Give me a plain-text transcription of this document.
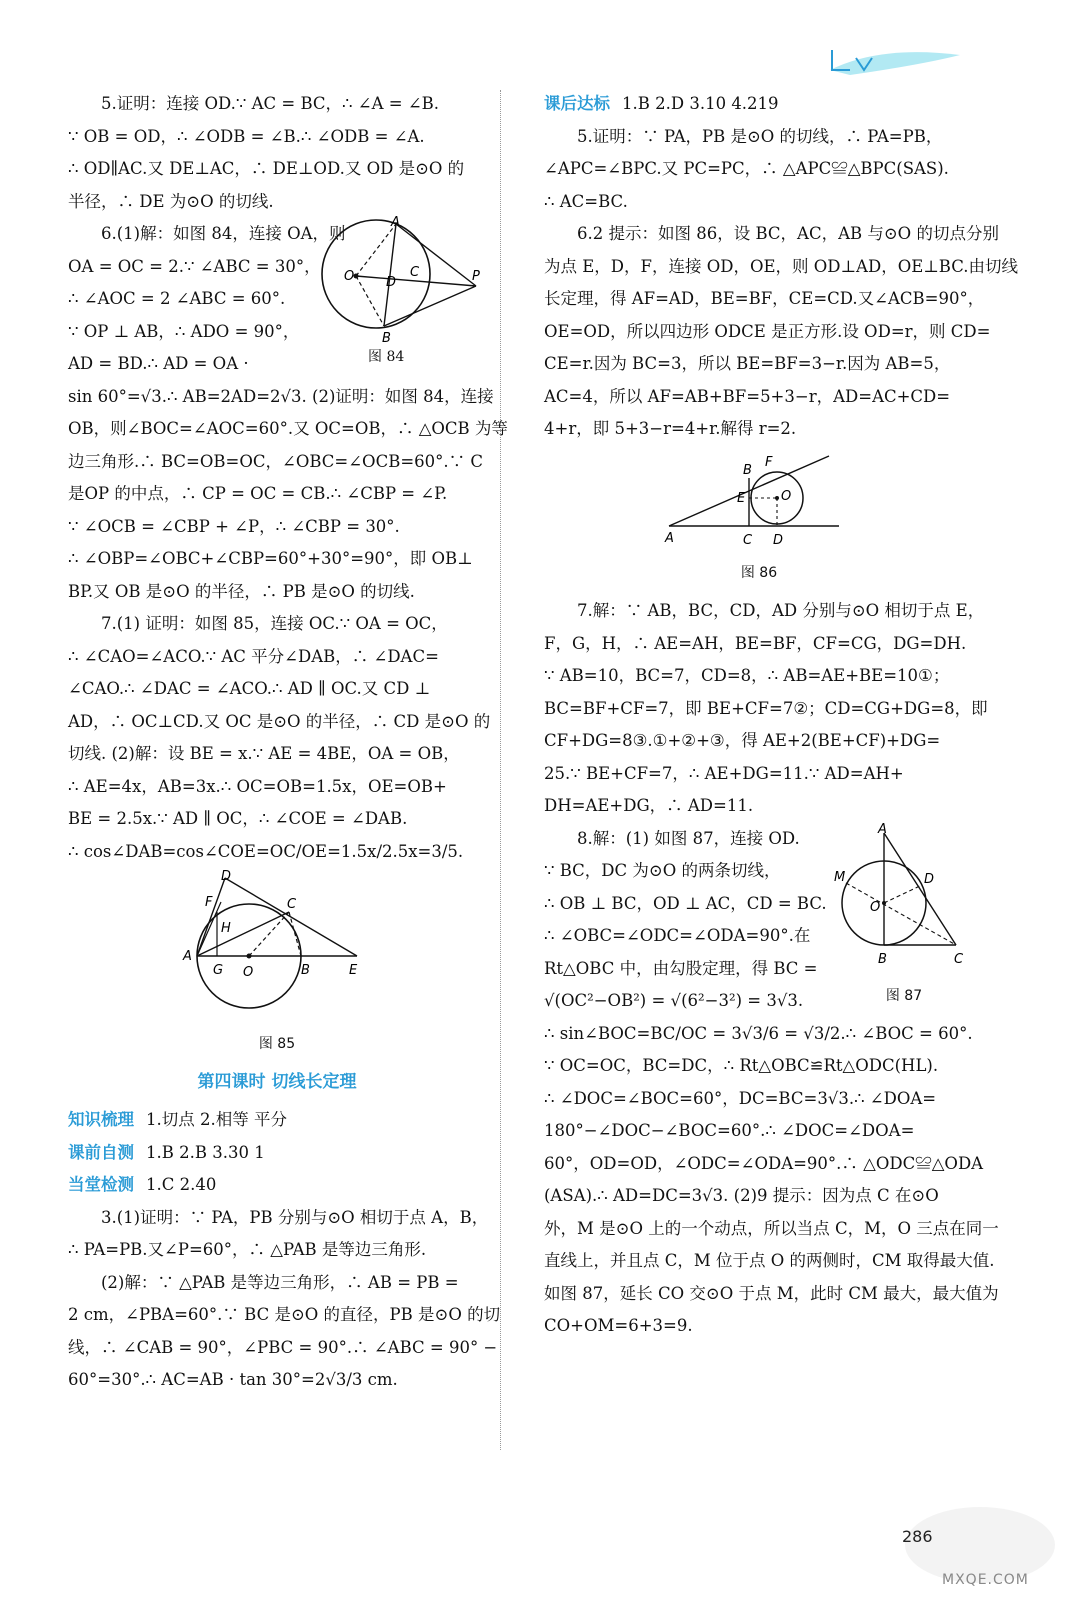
5.证明：连接 OD.∵ AC = BC，∴ ∠A = ∠B.
∵ OB = OD，∴ ∠ODB = ∠B.∴ ∠ODB = ∠A.
∴ OD∥AC.又 DE⊥AC，∴ DE⊥OD.又 OD 是⊙O 的
半径，∴ DE 为⊙O 的切线.
A
O	C
D	P
B
6.(1)解：如图 84，连接 OA，则
OA = OC = 2.∵ ∠ABC = 30°，
∴ ∠AOC = 2 ∠ABC = 60°.
∵ OP ⊥ AB，∴ ADO = 90°，
AD = BD.∴ AD = OA ·	图 84
sin 60°=√3.∴ AB=2AD=2√3. (2)证明：如图 84，连接
OB，则∠BOC=∠AOC=60°.又 OC=OB，∴ △OCB 为等
边三角形.∴ BC=OB=OC，∠OBC=∠OCB=60°.∵ C
是OP 的中点，∴ CP = OC = CB.∴ ∠CBP = ∠P.
∵ ∠OCB = ∠CBP + ∠P，∴ ∠CBP = 30°.
∴ ∠OBP=∠OBC+∠CBP=60°+30°=90°，即 OB⊥
BP.又 OB 是⊙O 的半径，∴ PB 是⊙O 的切线.
7.(1) 证明：如图 85，连接 OC.∵ OA = OC，
∴ ∠CAO=∠ACO.∵ AC 平分∠DAB，∴ ∠DAC=
∠CAO.∴ ∠DAC = ∠ACO.∴ AD ∥ OC.又 CD ⊥
AD，∴ OC⊥CD.又 OC 是⊙O 的半径，∴ CD 是⊙O 的
切线. (2)解：设 BE = x.∵ AE = 4BE，OA = OB，
∴ AE=4x，AB=3x.∴ OC=OB=1.5x，OE=OB+
BE = 2.5x.∵ AD ∥ OC，∴ ∠COE = ∠DAB.
∴ cos∠DAB=cos∠COE=OC/OE=1.5x/2.5x=3/5.
D
F
H
C
A
G O	B	E
图 85
第四课时 切线长定理
知识梳理 1.切点 2.相等 平分
课前自测 1.B 2.B 3.30 1
当堂检测 1.C 2.40
3.(1)证明：∵ PA，PB 分别与⊙O 相切于点 A，B，
∴ PA=PB.又∠P=60°，∴ △PAB 是等边三角形.
(2)解：∵ △PAB 是等边三角形，∴ AB = PB =
2 cm，∠PBA=60°.∵ BC 是⊙O 的直径，PB 是⊙O 的切
线，∴ ∠CAB = 90°，∠PBC = 90°.∴ ∠ABC = 90° −
60°=30°.∴ AC=AB · tan 30°=2√3/3 cm.
课后达标 1.B 2.D 3.10 4.219
5.证明：∵ PA，PB 是⊙O 的切线，∴ PA=PB，
∠APC=∠BPC.又 PC=PC，∴ △APC≌△BPC(SAS).
∴ AC=BC.
6.2 提示：如图 86，设 BC，AC，AB 与⊙O 的切点分别
为点 E，D，F，连接 OD，OE，则 OD⊥AD，OE⊥BC.由切线
长定理，得 AF=AD，BE=BF，CE=CD.又∠ACB=90°，
OE=OD，所以四边形 ODCE 是正方形.设 OD=r，则 CD=
CE=r.因为 BC=3，所以 BE=BF=3−r.因为 AB=5，
AC=4，所以 AF=AB+BF=5+3−r，AD=AC+CD=
4+r，即 5+3−r=4+r.解得 r=2.
B
F
E	O
A	C D
图 86
7.解：∵ AB，BC，CD，AD 分别与⊙O 相切于点 E，
F，G，H，∴ AE=AH，BE=BF，CF=CG，DG=DH.
∵ AB=10，BC=7，CD=8，∴ AB=AE+BE=10①；
BC=BF+CF=7，即 BE+CF=7②；CD=CG+DG=8，即
CF+DG=8③.①+②+③，得 AE+2(BE+CF)+DG=
25.∵ BE+CF=7，∴ AE+DG=11.∵ AD=AH+
DH=AE+DG，∴ AD=11.
A
D
M
O
B	C
图 87
8.解：(1) 如图 87，连接 OD.
∵ BC，DC 为⊙O 的两条切线，
∴ OB ⊥ BC，OD ⊥ AC，CD = BC.
∴ ∠OBC=∠ODC=∠ODA=90°.在
Rt△OBC 中，由勾股定理，得 BC =
√(OC²−OB²) = √(6²−3²) = 3√3.
∴ sin∠BOC=BC/OC = 3√3/6 = √3/2.∴ ∠BOC = 60°.
∵ OC=OC，BC=DC，∴ Rt△OBC≌Rt△ODC(HL).
∴ ∠DOC=∠BOC=60°，DC=BC=3√3.∴ ∠DOA=
180°−∠DOC−∠BOC=60°.∴ ∠DOC=∠DOA=
60°，OD=OD，∠ODC=∠ODA=90°.∴ △ODC≌△ODA
(ASA).∴ AD=DC=3√3. (2)9 提示：因为点 C 在⊙O
外，M 是⊙O 上的一个动点，所以当点 C，M，O 三点在同一
直线上，并且点 C，M 位于点 O 的两侧时，CM 取得最大值.
如图 87，延长 CO 交⊙O 于点 M，此时 CM 最大，最大值为
CO+OM=6+3=9.
286
MXQE.COM
